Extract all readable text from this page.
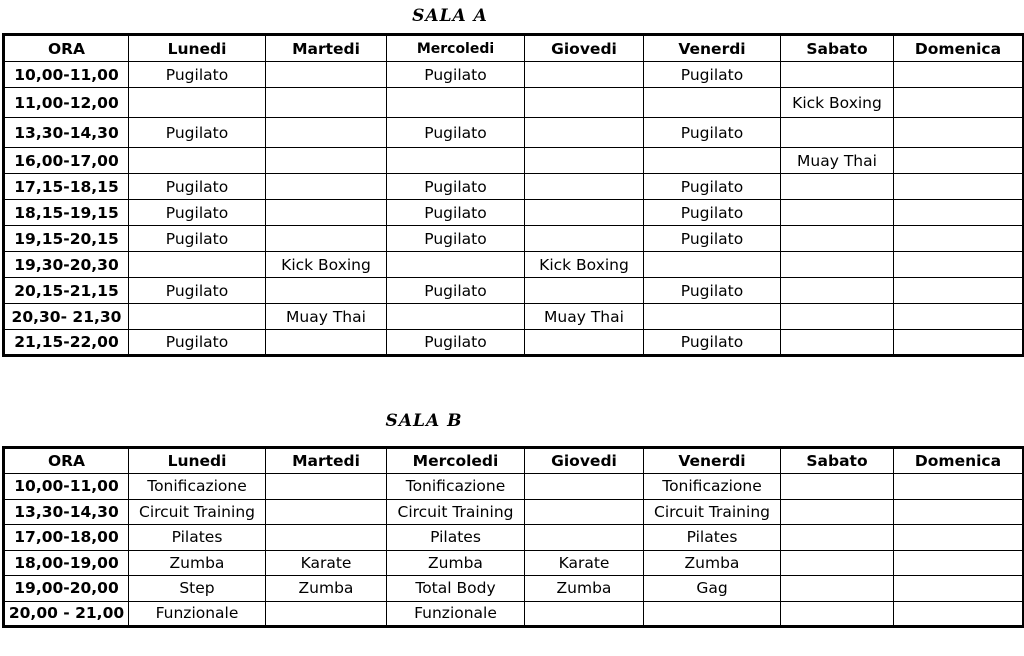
SALA A
ORA	Lunedi	Martedi	Mercoledi	Giovedi	Venerdi	Sabato	Domenica
10,00-11,00	Pugilato		Pugilato		Pugilato		
11,00-12,00						Kick Boxing	
13,30-14,30	Pugilato		Pugilato		Pugilato		
16,00-17,00						Muay Thai	
17,15-18,15	Pugilato		Pugilato		Pugilato		
18,15-19,15	Pugilato		Pugilato		Pugilato		
19,15-20,15	Pugilato		Pugilato		Pugilato		
19,30-20,30		Kick Boxing		Kick Boxing			
20,15-21,15	Pugilato		Pugilato		Pugilato		
20,30- 21,30		Muay Thai		Muay Thai			
21,15-22,00	Pugilato		Pugilato		Pugilato		
SALA B
ORA	Lunedi	Martedi	Mercoledi	Giovedi	Venerdi	Sabato	Domenica
10,00-11,00	Tonificazione		Tonificazione		Tonificazione		
13,30-14,30	Circuit Training		Circuit Training		Circuit Training		
17,00-18,00	Pilates		Pilates		Pilates		
18,00-19,00	Zumba	Karate	Zumba	Karate	Zumba		
19,00-20,00	Step	Zumba	Total Body	Zumba	Gag		
20,00 - 21,00	Funzionale		Funzionale				
